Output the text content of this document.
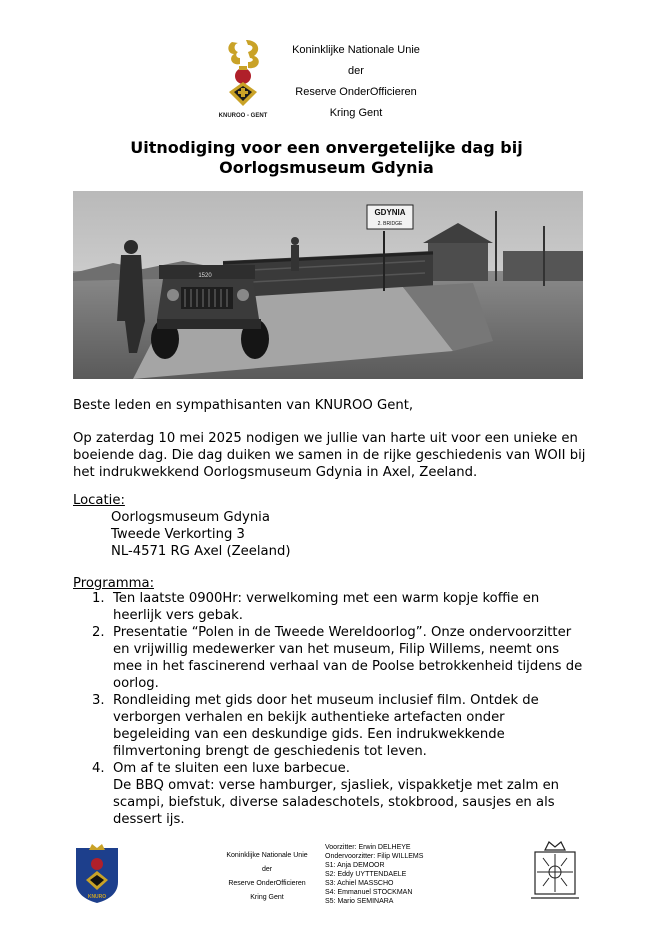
KNUROO - GENT
Koninklijke Nationale Unie
der
Reserve OnderOfficieren
Kring Gent
Uitnodiging voor een onvergetelijke dag bij
Oorlogsmuseum Gdynia
GDYNIA
2. BRIDGE
1520
Beste leden en sympathisanten van KNUROO Gent,
Op zaterdag 10 mei 2025 nodigen we jullie van harte uit voor een unieke en boeiende dag. Die dag duiken we samen in de rijke geschiedenis van WOII bij het indrukwekkend Oorlogsmuseum Gdynia in Axel, Zeeland.
Locatie:
Oorlogsmuseum Gdynia
Tweede Verkorting 3
NL-4571 RG Axel (Zeeland)
Programma:
1. Ten laatste 0900Hr: verwelkoming met een warm kopje koffie en heerlijk vers gebak.
2. Presentatie “Polen in de Tweede Wereldoorlog”. Onze ondervoorzitter en vrijwillig medewerker van het museum, Filip Willems, neemt ons mee in het fascinerend verhaal van de Poolse betrokkenheid tijdens de oorlog.
3. Rondleiding met gids door het museum inclusief film. Ontdek de verborgen verhalen en bekijk authentieke artefacten onder begeleiding van een deskundige gids. Een indrukwekkende filmvertoning brengt de geschiedenis tot leven.
4. Om af te sluiten een luxe barbecue.
De BBQ omvat: verse hamburger, sjasliek, vispakketje met zalm en scampi, biefstuk, diverse saladeschotels, stokbrood, sausjes en als dessert ijs.
KNURO
Koninklijke Nationale Unie
der
Reserve OnderOfficieren
Kring Gent
Voorzitter: Erwin DELHEYE
Ondervoorzitter: Filip WILLEMS
S1: Anja DEMOOR
S2: Eddy UYTTENDAELE
S3: Achiel MASSCHO
S4: Emmanuel STOCKMAN
S5: Mario SEMINARA
